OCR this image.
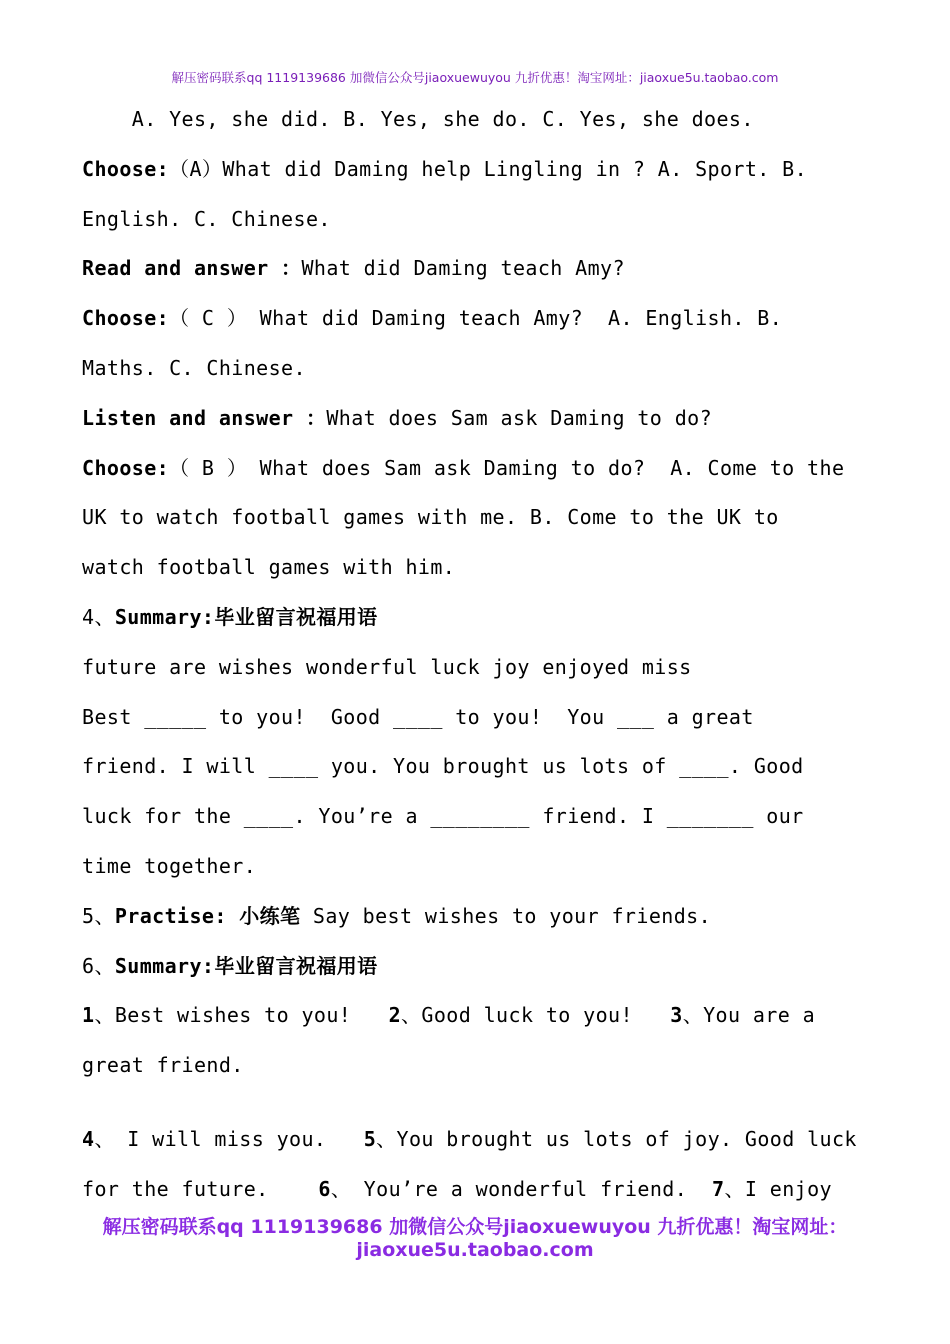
解压密码联系qq 1119139686 加微信公众号jiaoxuewuyou 九折优惠！淘宝网址：jiaoxue5u.taobao.com
A. Yes, she did. B. Yes, she do. C. Yes, she does.
Choose:（A）What did Daming help Lingling in ? A. Sport. B.
English. C. Chinese.
Read and answer ：What did Daming teach Amy?
Choose:（ C ） What did Daming teach Amy?  A. English. B.
Maths. C. Chinese.
Listen and answer ：What does Sam ask Daming to do?
Choose:（ B ） What does Sam ask Daming to do?  A. Come to the
UK to watch football games with me. B. Come to the UK to
watch football games with him.
4、Summary:毕业留言祝福用语
future are wishes wonderful luck joy enjoyed miss
Best _____ to you!  Good ____ to you!  You ___ a great
friend. I will ____ you. You brought us lots of ____. Good
luck for the ____. You’re a ________ friend. I _______ our
time together.
5、Practise: 小练笔 Say best wishes to your friends.
6、Summary:毕业留言祝福用语
1、Best wishes to you!   2、Good luck to you!   3、You are a
great friend.
4、 I will miss you.   5、You brought us lots of joy. Good luck
for the future.    6、 You’re a wonderful friend.  7、I enjoy
解压密码联系qq 1119139686 加微信公众号jiaoxuewuyou 九折优惠！淘宝网址：
jiaoxue5u.taobao.com
